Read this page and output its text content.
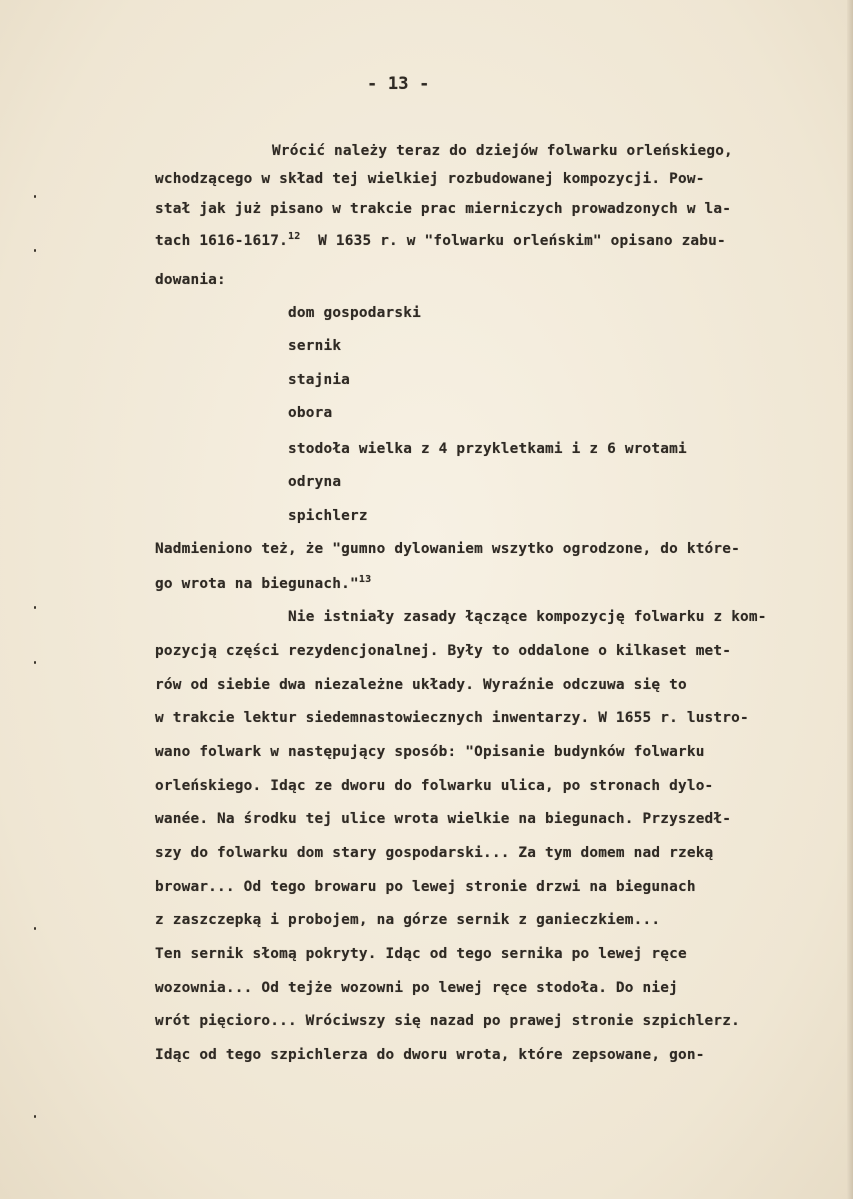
- 13 -
Wrócić należy teraz do dziejów folwarku orleńskiego,
wchodzącego w skład tej wielkiej rozbudowanej kompozycji. Pow-
stał jak już pisano w trakcie prac mierniczych prowadzonych w la-
tach 1616-1617.12  W 1635 r. w "folwarku orleńskim" opisano zabu-
dowania:
dom gospodarski
sernik
stajnia
obora
stodoła wielka z 4 przykletkami i z 6 wrotami
odryna
spichlerz
Nadmieniono też, że "gumno dylowaniem wszytko ogrodzone, do które-
go wrota na biegunach."$^{13}$
Nie istniały zasady łączące kompozycję folwarku z kom-
pozycją części rezydencjonalnej. Były to oddalone o kilkaset met-
rów od siebie dwa niezależne układy. Wyraźnie odczuwa się to
w trakcie lektur siedemnastowiecznych inwentarzy. W 1655 r. lustro-
wano folwark w następujący sposób: "Opisanie budynków folwarku
orleńskiego. Idąc ze dworu do folwarku ulica, po stronach dylo-
wanée. Na środku tej ulice wrota wielkie na biegunach. Przyszedł-
szy do folwarku dom stary gospodarski... Za tym domem nad rzeką
browar... Od tego browaru po lewej stronie drzwi na biegunach
z zaszczepką i probojem, na górze sernik z ganieczkiem...
Ten sernik słomą pokryty. Idąc od tego sernika po lewej ręce
wozownia... Od tejże wozowni po lewej ręce stodoła. Do niej
wrót pięcioro... Wróciwszy się nazad po prawej stronie szpichlerz.
Idąc od tego szpichlerza do dworu wrota, które zepsowane, gon-
